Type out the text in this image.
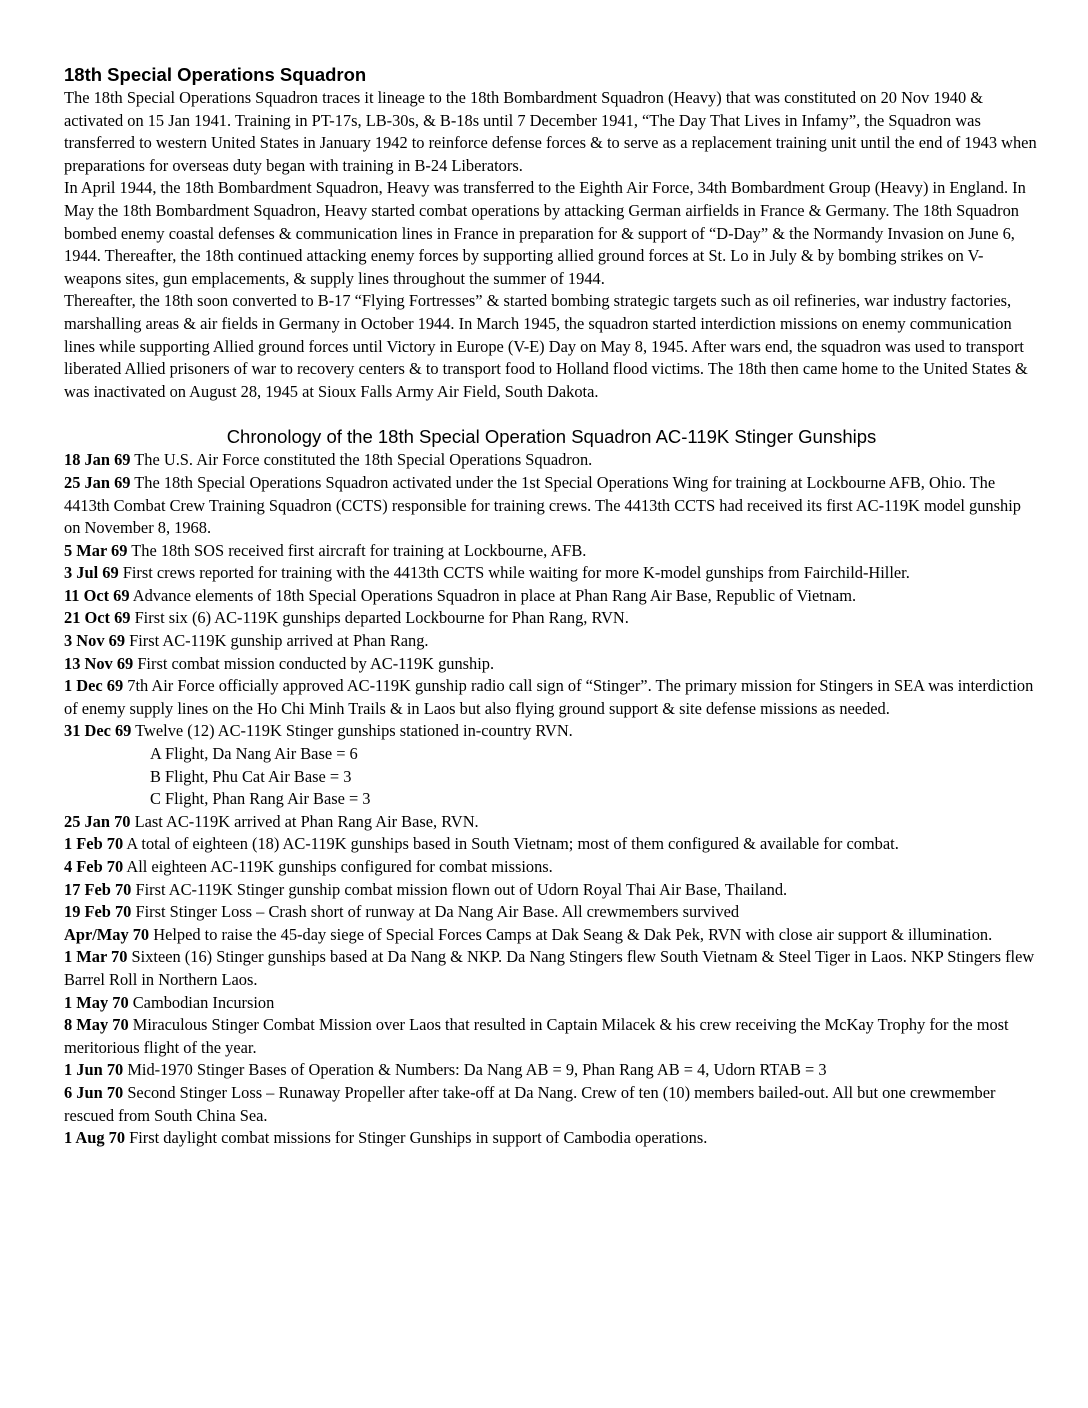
18th Special Operations Squadron

The 18th Special Operations Squadron traces it lineage to the 18th Bombardment Squadron (Heavy) that was constituted on 20 Nov 1940 & activated on 15 Jan 1941. Training in PT-17s, LB-30s, & B-18s until 7 December 1941, “The Day That Lives in Infamy”, the Squadron was transferred to western United States in January 1942 to reinforce defense forces & to serve as a replacement training unit until the end of 1943 when preparations for overseas duty began with training in B-24 Liberators.

In April 1944, the 18th Bombardment Squadron, Heavy was transferred to the Eighth Air Force, 34th Bombardment Group (Heavy) in England. In May the 18th Bombardment Squadron, Heavy started combat operations by attacking German airfields in France & Germany. The 18th Squadron bombed enemy coastal defenses & communication lines in France in preparation for & support of “D-Day” & the Normandy Invasion on June 6, 1944. Thereafter, the 18th continued attacking enemy forces by supporting allied ground forces at St. Lo in July & by bombing strikes on V-weapons sites, gun emplacements, & supply lines throughout the summer of 1944.

Thereafter, the 18th soon converted to B-17 “Flying Fortresses” & started bombing strategic targets such as oil refineries, war industry factories, marshalling areas & air fields in Germany in October 1944. In March 1945, the squadron started interdiction missions on enemy communication lines while supporting Allied ground forces until Victory in Europe (V-E) Day on May 8, 1945. After wars end, the squadron was used to transport liberated Allied prisoners of war to recovery centers & to transport food to Holland flood victims. The 18th then came home to the United States & was inactivated on August 28, 1945 at Sioux Falls Army Air Field, South Dakota.

Chronology of the 18th Special Operation Squadron AC-119K Stinger Gunships

18 Jan 69 The U.S. Air Force constituted the 18th Special Operations Squadron.

25 Jan 69 The 18th Special Operations Squadron activated under the 1st Special Operations Wing for training at Lockbourne AFB, Ohio. The 4413th Combat Crew Training Squadron (CCTS) responsible for training crews. The 4413th CCTS had received its first AC-119K model gunship on November 8, 1968.

5 Mar 69 The 18th SOS received first aircraft for training at Lockbourne, AFB.

3 Jul 69 First crews reported for training with the 4413th CCTS while waiting for more K-model gunships from Fairchild-Hiller.

11 Oct 69 Advance elements of 18th Special Operations Squadron in place at Phan Rang Air Base, Republic of Vietnam.

21 Oct 69 First six (6) AC-119K gunships departed Lockbourne for Phan Rang, RVN.

3 Nov 69 First AC-119K gunship arrived at Phan Rang.

13 Nov 69 First combat mission conducted by AC-119K gunship.

1 Dec 69 7th Air Force officially approved AC-119K gunship radio call sign of “Stinger”. The primary mission for Stingers in SEA was interdiction of enemy supply lines on the Ho Chi Minh Trails & in Laos but also flying ground support & site defense missions as needed.

31 Dec 69 Twelve (12) AC-119K Stinger gunships stationed in-country RVN.

A Flight, Da Nang Air Base = 6
B Flight, Phu Cat Air Base = 3
C Flight, Phan Rang Air Base = 3

25 Jan 70 Last AC-119K arrived at Phan Rang Air Base, RVN.

1 Feb 70 A total of eighteen (18) AC-119K gunships based in South Vietnam; most of them configured & available for combat.

4 Feb 70 All eighteen AC-119K gunships configured for combat missions.

17 Feb 70 First AC-119K Stinger gunship combat mission flown out of Udorn Royal Thai Air Base, Thailand.

19 Feb 70 First Stinger Loss – Crash short of runway at Da Nang Air Base. All crewmembers survived

Apr/May 70 Helped to raise the 45-day siege of Special Forces Camps at Dak Seang & Dak Pek, RVN with close air support & illumination.

1 Mar 70 Sixteen (16) Stinger gunships based at Da Nang & NKP. Da Nang Stingers flew South Vietnam & Steel Tiger in Laos. NKP Stingers flew Barrel Roll in Northern Laos.

1 May 70 Cambodian Incursion

8 May 70 Miraculous Stinger Combat Mission over Laos that resulted in Captain Milacek & his crew receiving the McKay Trophy for the most meritorious flight of the year.

1 Jun 70 Mid-1970 Stinger Bases of Operation & Numbers: Da Nang AB = 9, Phan Rang AB = 4, Udorn RTAB = 3

6 Jun 70 Second Stinger Loss – Runaway Propeller after take-off at Da Nang. Crew of ten (10) members bailed-out. All but one crewmember rescued from South China Sea.

1 Aug 70 First daylight combat missions for Stinger Gunships in support of Cambodia operations.
